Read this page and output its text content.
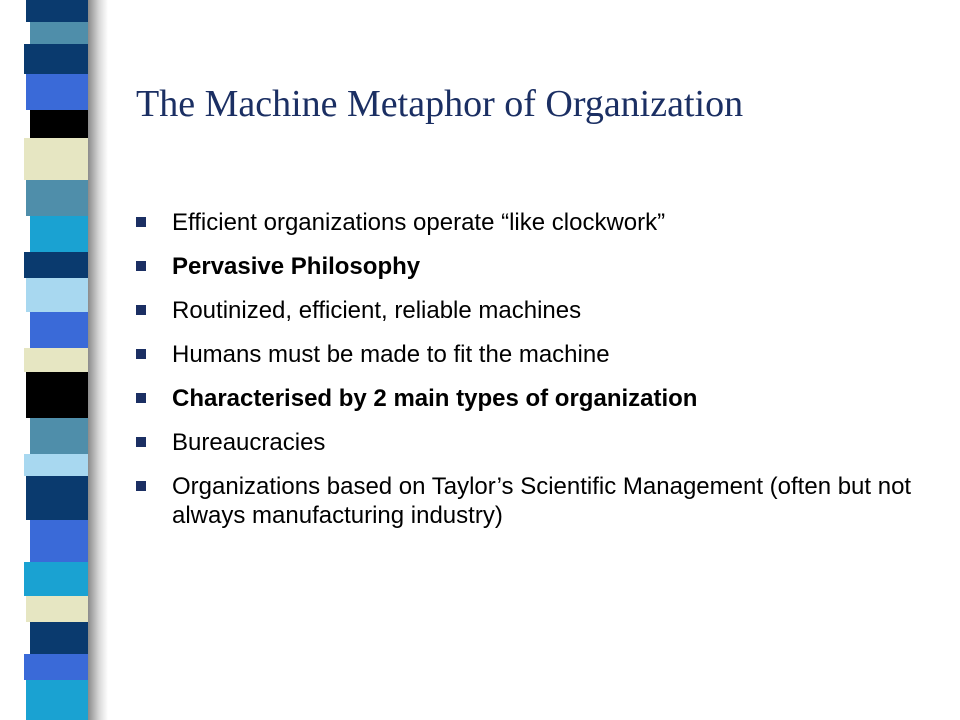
The Machine Metaphor of Organization
Efficient organizations operate “like clockwork”
Pervasive Philosophy
Routinized, efficient, reliable machines
Humans must be made to fit the machine
Characterised by 2 main types of organization
Bureaucracies
Organizations based on Taylor’s Scientific Management (often but not always manufacturing industry)
